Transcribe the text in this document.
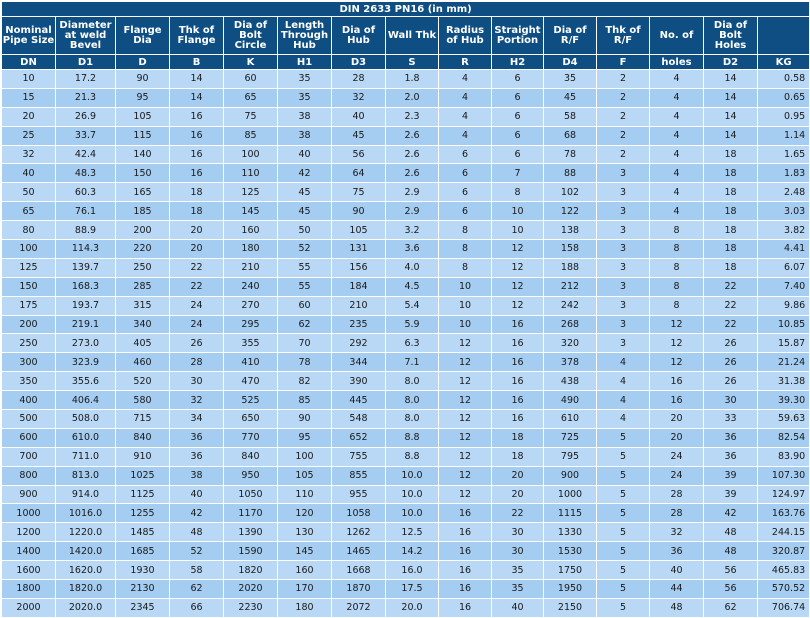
DIN 2633 PN16 (in mm)														
Nominal Pipe Size	Diameter at weld Bevel	Flange Dia	Thk of Flange	Dia of Bolt Circle	Length Through Hub	Dia of Hub	Wall Thk	Radius of Hub	Straight Portion	Dia of R/F	Thk of R/F	No. of	Dia of Bolt Holes	
DN	D1	D	B	K	H1	D3	S	R	H2	D4	F	holes	D2	KG
10	17.2	90	14	60	35	28	1.8	4	6	35	2	4	14	0.58
15	21.3	95	14	65	35	32	2.0	4	6	45	2	4	14	0.65
20	26.9	105	16	75	38	40	2.3	4	6	58	2	4	14	0.95
25	33.7	115	16	85	38	45	2.6	4	6	68	2	4	14	1.14
32	42.4	140	16	100	40	56	2.6	6	6	78	2	4	18	1.65
40	48.3	150	16	110	42	64	2.6	6	7	88	3	4	18	1.83
50	60.3	165	18	125	45	75	2.9	6	8	102	3	4	18	2.48
65	76.1	185	18	145	45	90	2.9	6	10	122	3	4	18	3.03
80	88.9	200	20	160	50	105	3.2	8	10	138	3	8	18	3.82
100	114.3	220	20	180	52	131	3.6	8	12	158	3	8	18	4.41
125	139.7	250	22	210	55	156	4.0	8	12	188	3	8	18	6.07
150	168.3	285	22	240	55	184	4.5	10	12	212	3	8	22	7.40
175	193.7	315	24	270	60	210	5.4	10	12	242	3	8	22	9.86
200	219.1	340	24	295	62	235	5.9	10	16	268	3	12	22	10.85
250	273.0	405	26	355	70	292	6.3	12	16	320	3	12	26	15.87
300	323.9	460	28	410	78	344	7.1	12	16	378	4	12	26	21.24
350	355.6	520	30	470	82	390	8.0	12	16	438	4	16	26	31.38
400	406.4	580	32	525	85	445	8.0	12	16	490	4	16	30	39.30
500	508.0	715	34	650	90	548	8.0	12	16	610	4	20	33	59.63
600	610.0	840	36	770	95	652	8.8	12	18	725	5	20	36	82.54
700	711.0	910	36	840	100	755	8.8	12	18	795	5	24	36	83.90
800	813.0	1025	38	950	105	855	10.0	12	20	900	5	24	39	107.30
900	914.0	1125	40	1050	110	955	10.0	12	20	1000	5	28	39	124.97
1000	1016.0	1255	42	1170	120	1058	10.0	16	22	1115	5	28	42	163.76
1200	1220.0	1485	48	1390	130	1262	12.5	16	30	1330	5	32	48	244.15
1400	1420.0	1685	52	1590	145	1465	14.2	16	30	1530	5	36	48	320.87
1600	1620.0	1930	58	1820	160	1668	16.0	16	35	1750	5	40	56	465.83
1800	1820.0	2130	62	2020	170	1870	17.5	16	35	1950	5	44	56	570.52
2000	2020.0	2345	66	2230	180	2072	20.0	16	40	2150	5	48	62	706.74
